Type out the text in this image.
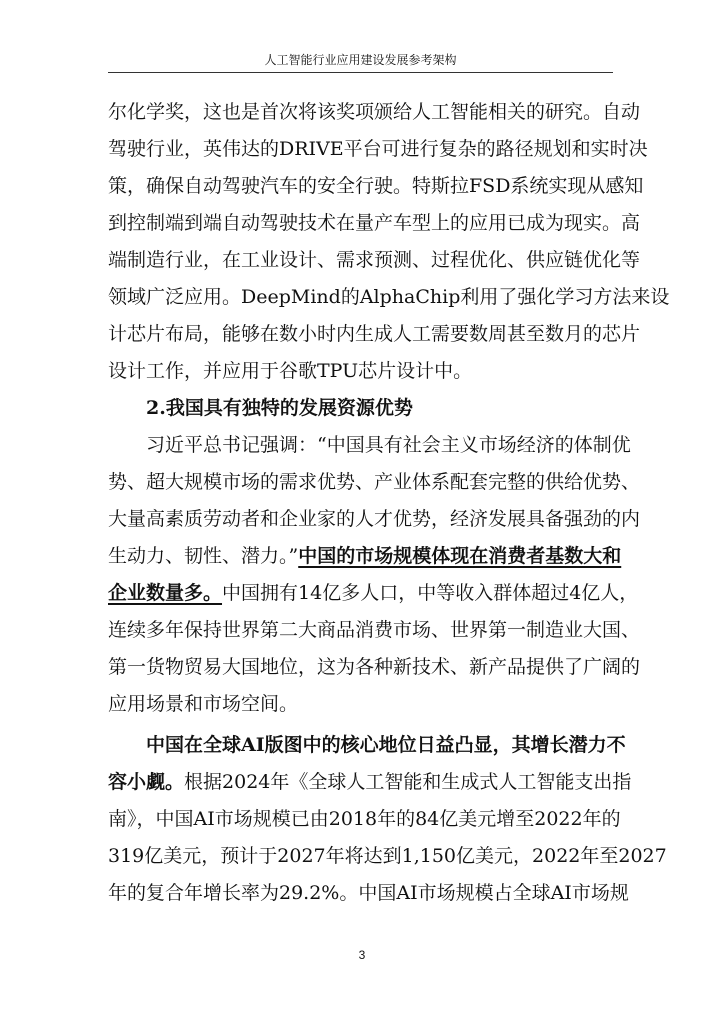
人工智能行业应用建设发展参考架构
尔化学奖，这也是首次将该奖项颁给人工智能相关的研究。自动
驾驶行业，英伟达的DRIVE平台可进行复杂的路径规划和实时决
策，确保自动驾驶汽车的安全行驶。特斯拉FSD系统实现从感知
到控制端到端自动驾驶技术在量产车型上的应用已成为现实。高
端制造行业，在工业设计、需求预测、过程优化、供应链优化等
领域广泛应用。DeepMind的AlphaChip利用了强化学习方法来设
计芯片布局，能够在数小时内生成人工需要数周甚至数月的芯片
设计工作，并应用于谷歌TPU芯片设计中。
2.我国具有独特的发展资源优势
习近平总书记强调：“中国具有社会主义市场经济的体制优
势、超大规模市场的需求优势、产业体系配套完整的供给优势、
大量高素质劳动者和企业家的人才优势，经济发展具备强劲的内
生动力、韧性、潜力。”中国的市场规模体现在消费者基数大和
企业数量多。中国拥有14亿多人口，中等收入群体超过4亿人，
连续多年保持世界第二大商品消费市场、世界第一制造业大国、
第一货物贸易大国地位，这为各种新技术、新产品提供了广阔的
应用场景和市场空间。
中国在全球AI版图中的核心地位日益凸显，其增长潜力不
容小觑。根据2024年《全球人工智能和生成式人工智能支出指
南》，中国AI市场规模已由2018年的84亿美元增至2022年的
319亿美元，预计于2027年将达到1,150亿美元，2022年至2027
年的复合年增长率为29.2%。中国AI市场规模占全球AI市场规
3
